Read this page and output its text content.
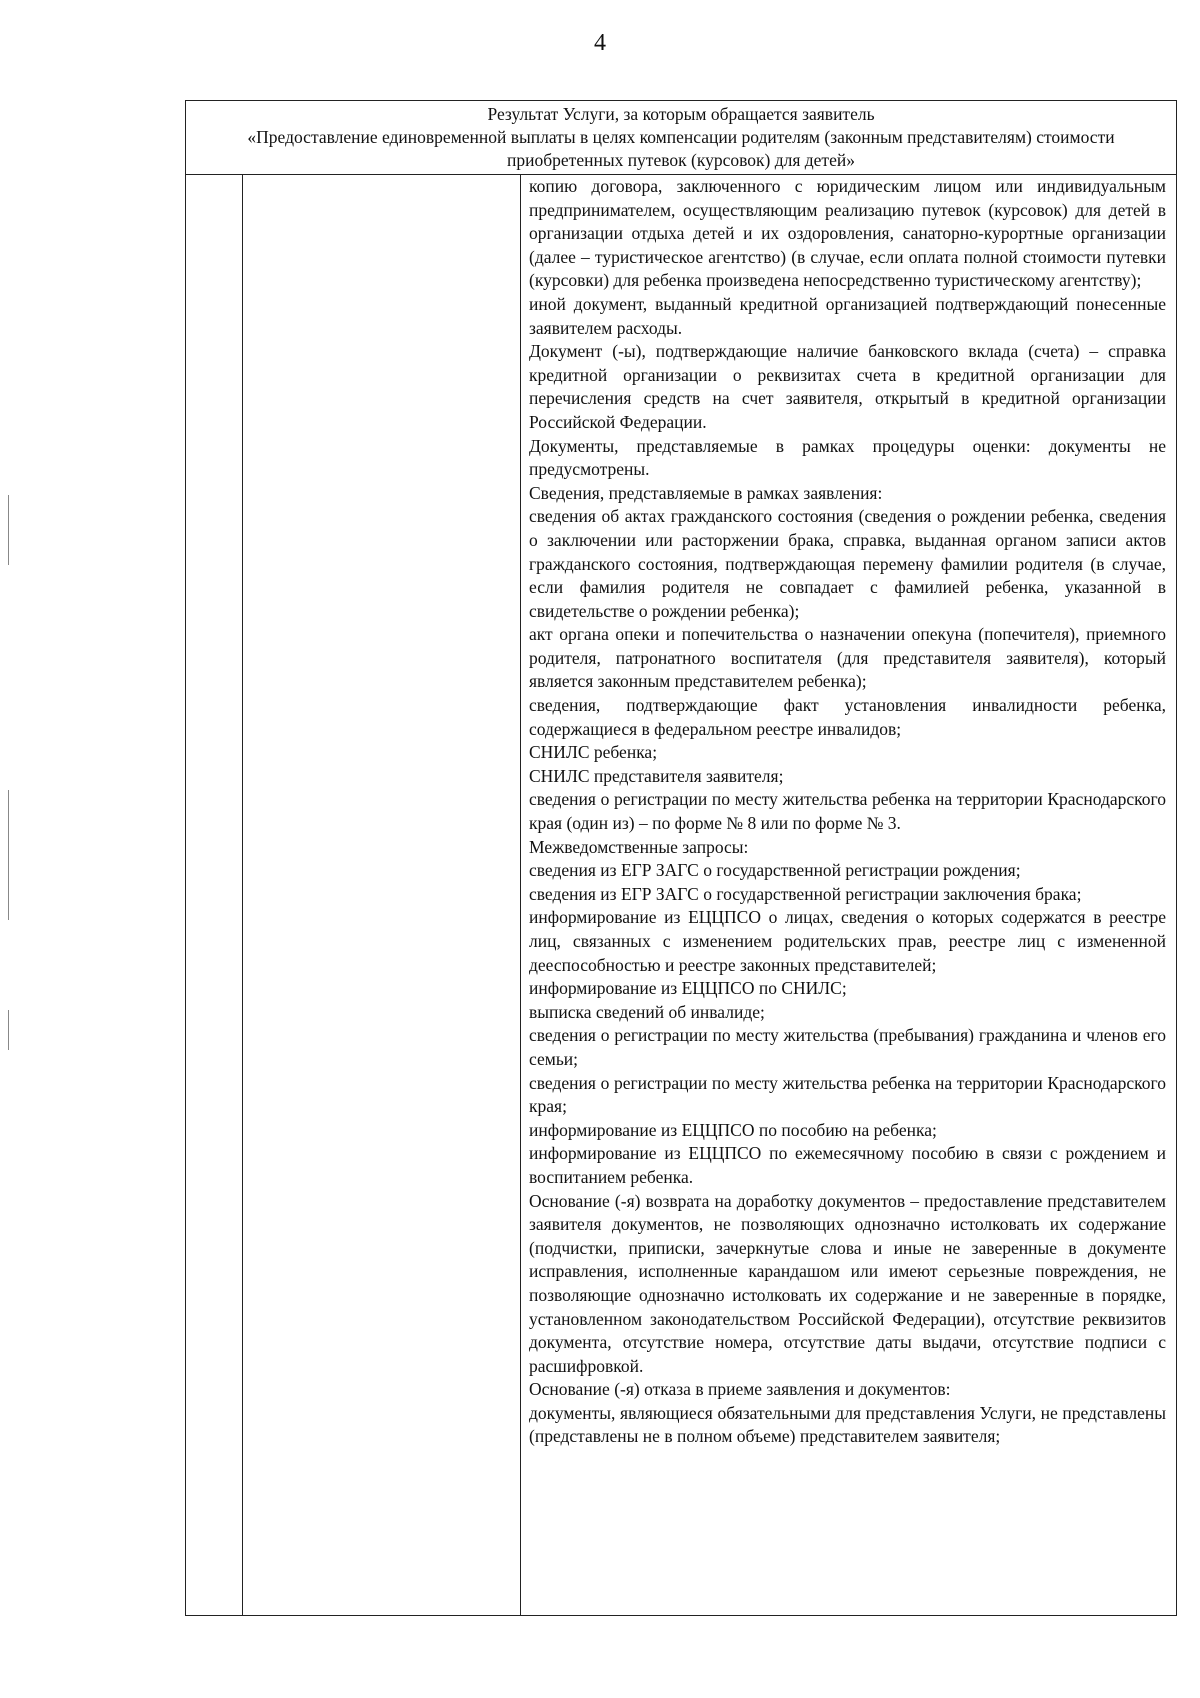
4
Результат Услуги, за которым обращается заявитель
«Предоставление единовременной выплаты в целях компенсации родителям (законным представителям) стоимости приобретенных путевок (курсовок) для детей»

копию договора, заключенного с юридическим лицом или индивидуальным предпринимателем, осуществляющим реализацию путевок (курсовок) для детей в организации отдыха детей и их оздоровления, санаторно-курортные организации (далее – туристическое агентство) (в случае, если оплата полной стоимости путевки (курсовки) для ребенка произведена непосредственно туристическому агентству);

иной документ, выданный кредитной организацией подтверждающий понесенные заявителем расходы.

Документ (-ы), подтверждающие наличие банковского вклада (счета) – справка кредитной организации о реквизитах счета в кредитной организации для перечисления средств на счет заявителя, открытый в кредитной организации Российской Федерации.

Документы, представляемые в рамках процедуры оценки: документы не предусмотрены.

Сведения, представляемые в рамках заявления:

сведения об актах гражданского состояния (сведения о рождении ребенка, сведения о заключении или расторжении брака, справка, выданная органом записи актов гражданского состояния, подтверждающая перемену фамилии родителя (в случае, если фамилия родителя не совпадает с фамилией ребенка, указанной в свидетельстве о рождении ребенка);

акт органа опеки и попечительства о назначении опекуна (попечителя), приемного родителя, патронатного воспитателя (для представителя заявителя), который является законным представителем ребенка);

сведения, подтверждающие факт установления инвалидности ребенка, содержащиеся в федеральном реестре инвалидов;

СНИЛС ребенка;

СНИЛС представителя заявителя;

сведения о регистрации по месту жительства ребенка на территории Краснодарского края (один из) – по форме № 8 или по форме № 3.

Межведомственные запросы:

сведения из ЕГР ЗАГС о государственной регистрации рождения;

сведения из ЕГР ЗАГС о государственной регистрации заключения брака;

информирование из ЕЦЦПСО о лицах, сведения о которых содержатся в реестре лиц, связанных с изменением родительских прав, реестре лиц с измененной дееспособностью и реестре законных представителей;

информирование из ЕЦЦПСО по СНИЛС;

выписка сведений об инвалиде;

сведения о регистрации по месту жительства (пребывания) гражданина и членов его семьи;

сведения о регистрации по месту жительства ребенка на территории Краснодарского края;

информирование из ЕЦЦПСО по пособию на ребенка;

информирование из ЕЦЦПСО по ежемесячному пособию в связи с рождением и воспитанием ребенка.

Основание (-я) возврата на доработку документов – предоставление представителем заявителя документов, не позволяющих однозначно истолковать их содержание (подчистки, приписки, зачеркнутые слова и иные не заверенные в документе исправления, исполненные карандашом или имеют серьезные повреждения, не позволяющие однозначно истолковать их содержание и не заверенные в порядке, установленном законодательством Российской Федерации), отсутствие реквизитов документа, отсутствие номера, отсутствие даты выдачи, отсутствие подписи с расшифровкой.

Основание (-я) отказа в приеме заявления и документов:

документы, являющиеся обязательными для представления Услуги, не представлены (представлены не в полном объеме) представителем заявителя;
